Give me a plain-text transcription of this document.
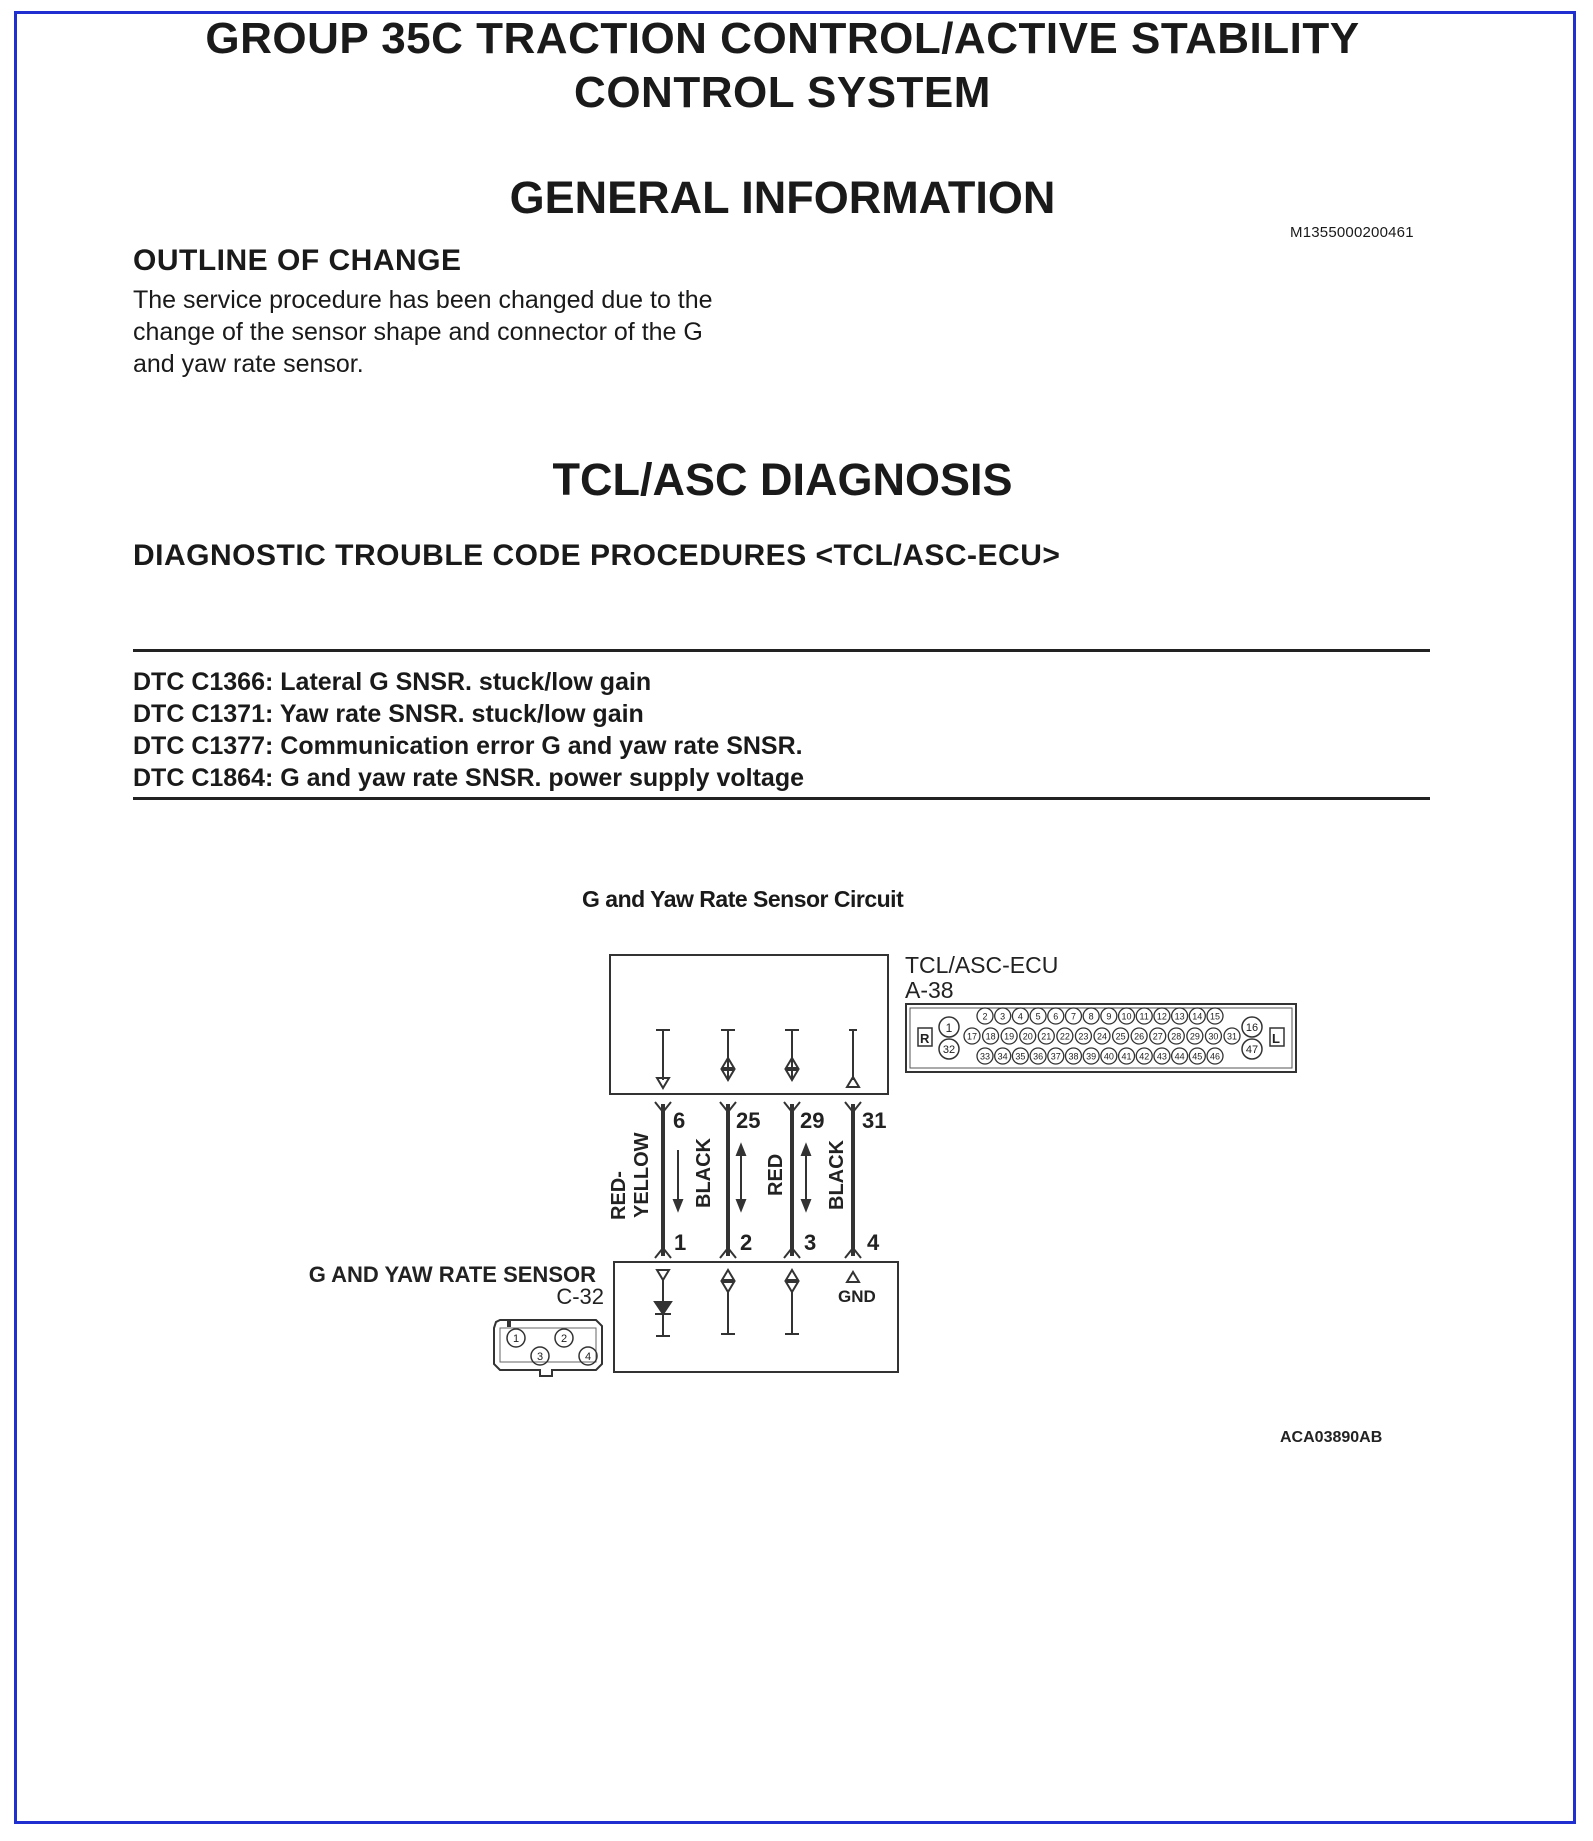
GROUP 35C TRACTION CONTROL/ACTIVE STABILITY
CONTROL SYSTEM
GENERAL INFORMATION
M1355000200461
OUTLINE OF CHANGE
The service procedure has been changed due to the
change of the sensor shape and connector of the G
and yaw rate sensor.
TCL/ASC DIAGNOSIS
DIAGNOSTIC TROUBLE CODE PROCEDURES <TCL/ASC-ECU>
DTC C1366: Lateral G SNSR. stuck/low gain
DTC C1371: Yaw rate SNSR. stuck/low gain
DTC C1377: Communication error G and yaw rate SNSR.
DTC C1864: G and yaw rate SNSR. power supply voltage
G and Yaw Rate Sensor Circuit
6 25 29 31
1 2 3 4
RED- YELLOW BLACK	RED BLACK
GND
TCL/ASC-ECU
A-38
R	L
1
32
16
47
2 3 4 5 6 7 8 9 10 11 12 13 14 15
17 18 19 20 21 22 23 24 25 26 27 28 29 30 31
33 34 35 36 37 38 39 40 41 42 43 44 45 46
G AND YAW RATE SENSOR
C-32
1	2
3	4
ACA03890AB
